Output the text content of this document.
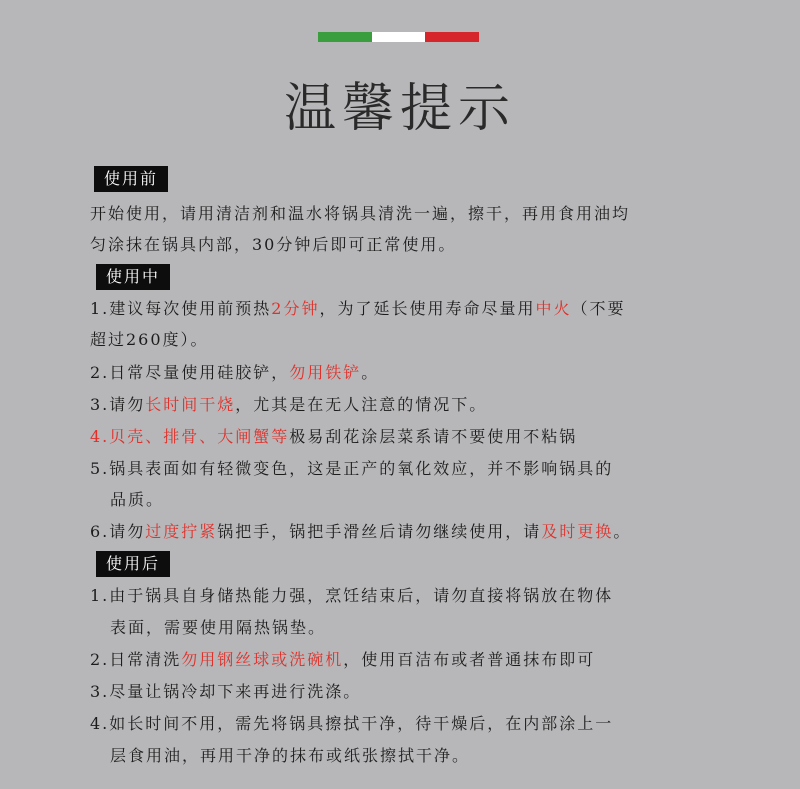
温馨提示
使用前
开始使用，请用清洁剂和温水将锅具清洗一遍，擦干，再用食用油均
匀涂抹在锅具内部，30分钟后即可正常使用。
使用中
1.建议每次使用前预热2分钟，为了延长使用寿命尽量用中火（不要
超过260度）。
2.日常尽量使用硅胶铲，勿用铁铲。
3.请勿长时间干烧，尤其是在无人注意的情况下。
4.贝壳、排骨、大闸蟹等极易刮花涂层菜系请不要使用不粘锅
5.锅具表面如有轻微变色，这是正产的氧化效应，并不影响锅具的
品质。
6.请勿过度拧紧锅把手，锅把手滑丝后请勿继续使用，请及时更换。
使用后
1.由于锅具自身储热能力强，烹饪结束后，请勿直接将锅放在物体
表面，需要使用隔热锅垫。
2.日常清洗勿用钢丝球或洗碗机，使用百洁布或者普通抹布即可
3.尽量让锅冷却下来再进行洗涤。
4.如长时间不用，需先将锅具擦拭干净，待干燥后，在内部涂上一
层食用油，再用干净的抹布或纸张擦拭干净。
